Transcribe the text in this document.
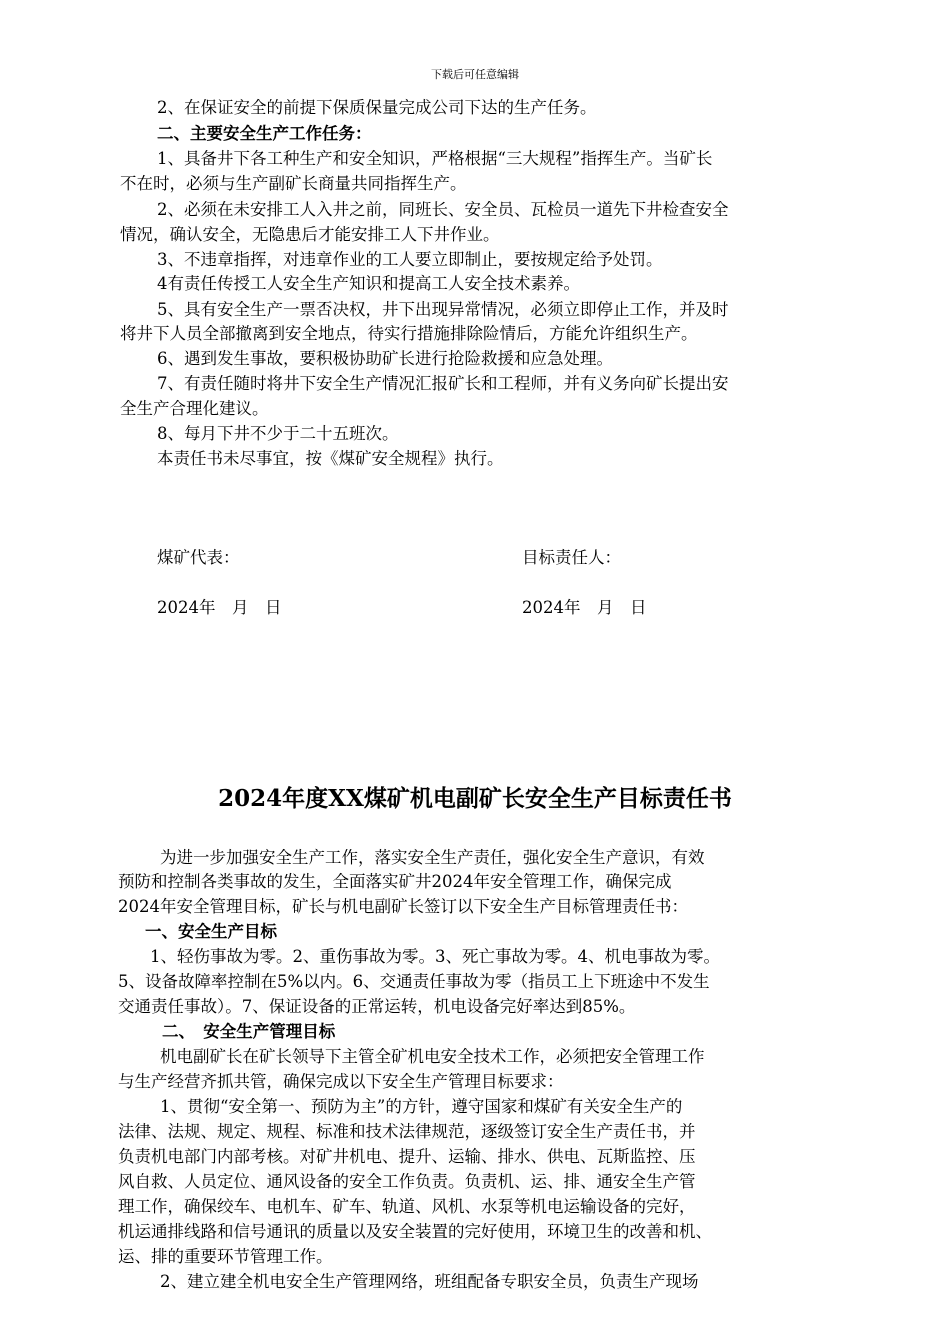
下载后可任意编辑
2、在保证安全的前提下保质保量完成公司下达的生产任务。
二、主要安全生产工作任务：
1、具备井下各工种生产和安全知识，严格根据“三大规程”指挥生产。当矿长
不在时，必须与生产副矿长商量共同指挥生产。
2、必须在未安排工人入井之前，同班长、安全员、瓦检员一道先下井检查安全
情况，确认安全，无隐患后才能安排工人下井作业。
3、不违章指挥，对违章作业的工人要立即制止，要按规定给予处罚。
4有责任传授工人安全生产知识和提高工人安全技术素养。
5、具有安全生产一票否决权，井下出现异常情况，必须立即停止工作，并及时
将井下人员全部撤离到安全地点，待实行措施排除险情后，方能允许组织生产。
6、遇到发生事故，要积极协助矿长进行抢险救援和应急处理。
7、有责任随时将井下安全生产情况汇报矿长和工程师，并有义务向矿长提出安
全生产合理化建议。
8、每月下井不少于二十五班次。
本责任书未尽事宜，按《煤矿安全规程》执行。
煤矿代表：	目标责任人：
2024年　月　日	2024年　月　日
2024年度XX煤矿机电副矿长安全生产目标责任书
为进一步加强安全生产工作，落实安全生产责任，强化安全生产意识，有效
预防和控制各类事故的发生，全面落实矿井2024年安全管理工作，确保完成
2024年安全管理目标，矿长与机电副矿长签订以下安全生产目标管理责任书：
一、安全生产目标
1、轻伤事故为零。2、重伤事故为零。3、死亡事故为零。4、机电事故为零。
5、设备故障率控制在5%以内。6、交通责任事故为零（指员工上下班途中不发生
交通责任事故）。7、保证设备的正常运转，机电设备完好率达到85%。
二、　安全生产管理目标
机电副矿长在矿长领导下主管全矿机电安全技术工作，必须把安全管理工作
与生产经营齐抓共管，确保完成以下安全生产管理目标要求：
1、贯彻“安全第一、预防为主”的方针，遵守国家和煤矿有关安全生产的
法律、法规、规定、规程、标准和技术法律规范，逐级签订安全生产责任书，并
负责机电部门内部考核。对矿井机电、提升、运输、排水、供电、瓦斯监控、压
风自救、人员定位、通风设备的安全工作负责。负责机、运、排、通安全生产管
理工作，确保绞车、电机车、矿车、轨道、风机、水泵等机电运输设备的完好，
机运通排线路和信号通讯的质量以及安全装置的完好使用，环境卫生的改善和机、
运、排的重要环节管理工作。
2、建立建全机电安全生产管理网络，班组配备专职安全员，负责生产现场
